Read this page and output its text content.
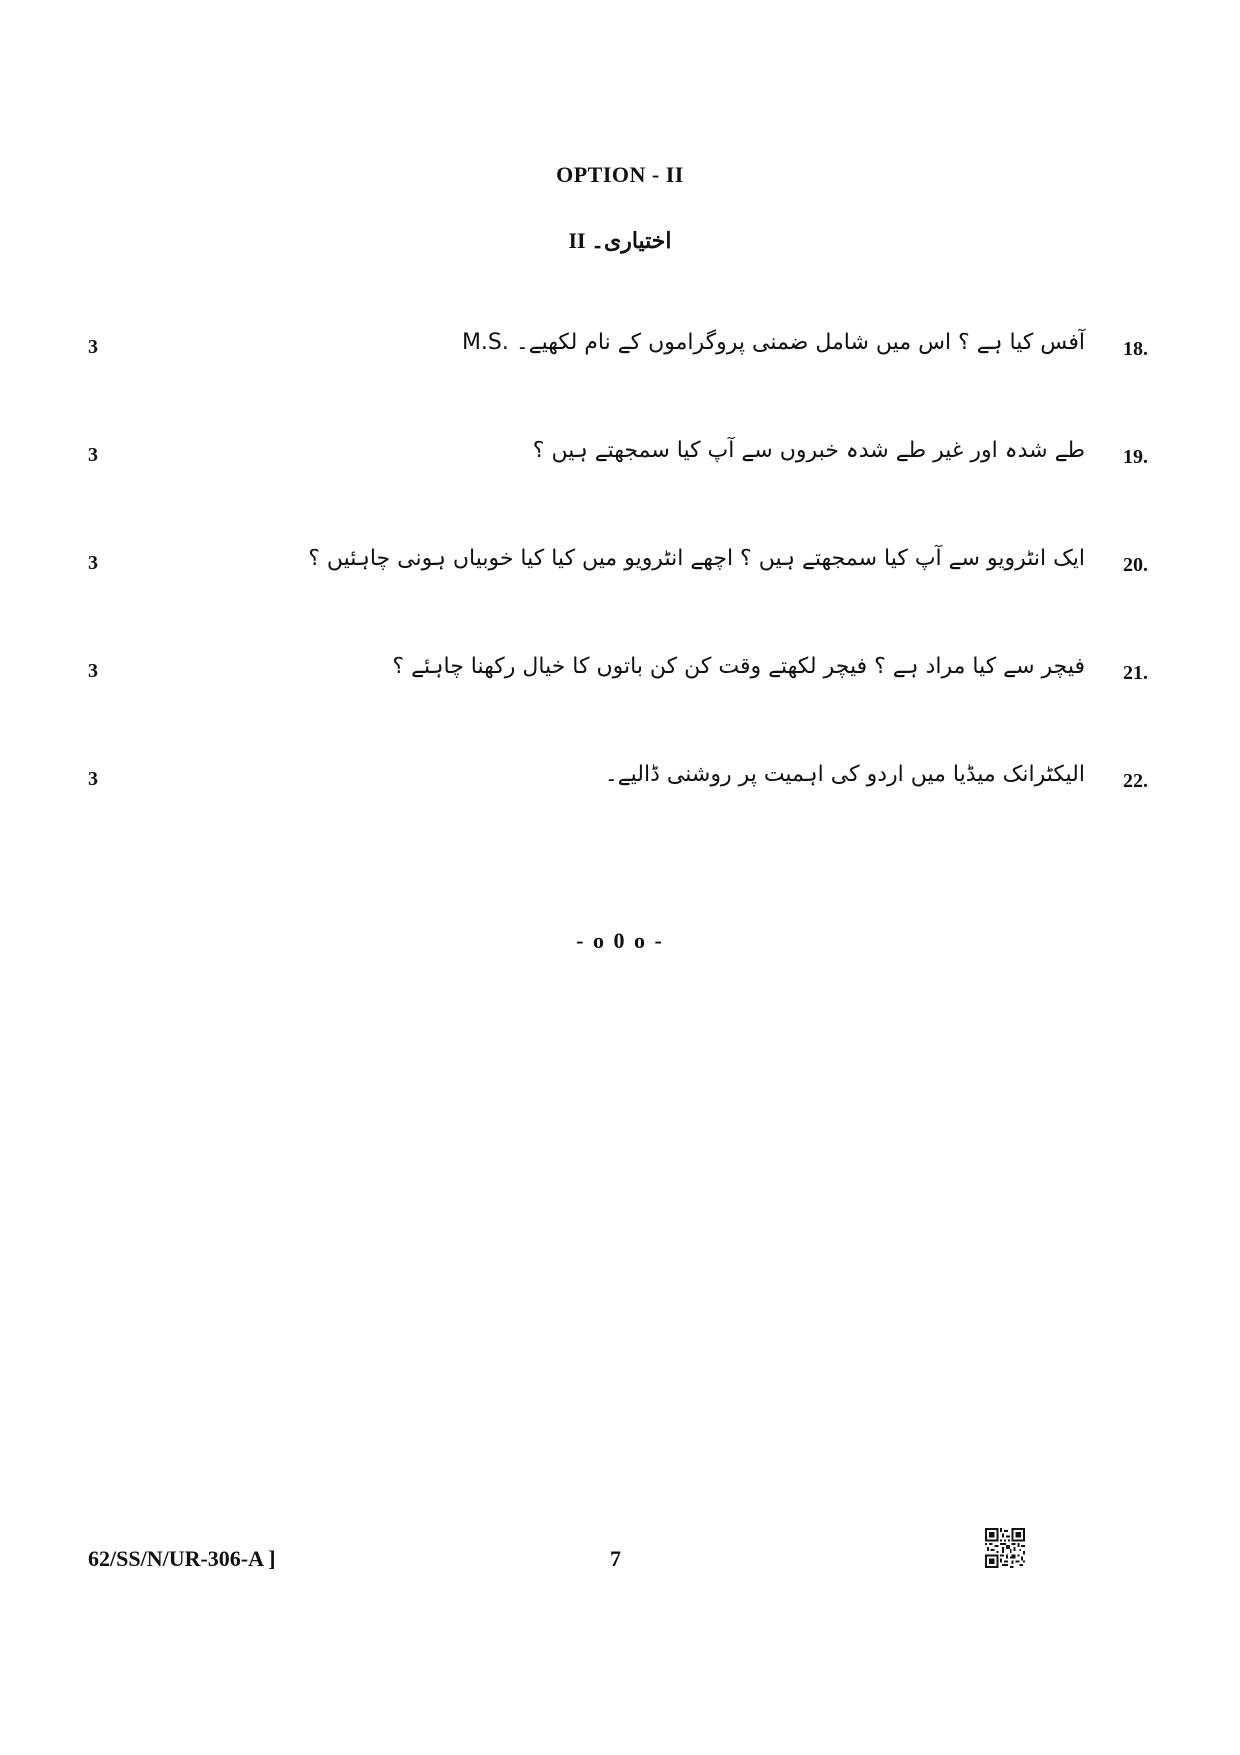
OPTION - II
اختیاری۔ II
3	18.
M.S. آفس کیا ہے ؟ اس میں شامل ضمنی پروگراموں کے نام لکھیے۔
3	19.
طے شدہ اور غیر طے شدہ خبروں سے آپ کیا سمجھتے ہیں ؟
3	20.
ایک انٹرویو سے آپ کیا سمجھتے ہیں ؟ اچھے انٹرویو میں کیا کیا خوبیاں ہونی چاہئیں ؟
3	21.
فیچر سے کیا مراد ہے ؟ فیچر لکھتے وقت کن کن باتوں کا خیال رکھنا چاہئے ؟
3	22.
الیکٹرانک میڈیا میں اردو کی اہمیت پر روشنی ڈالیے۔
- o 0 o -
62/SS/N/UR-306-A ]	7
